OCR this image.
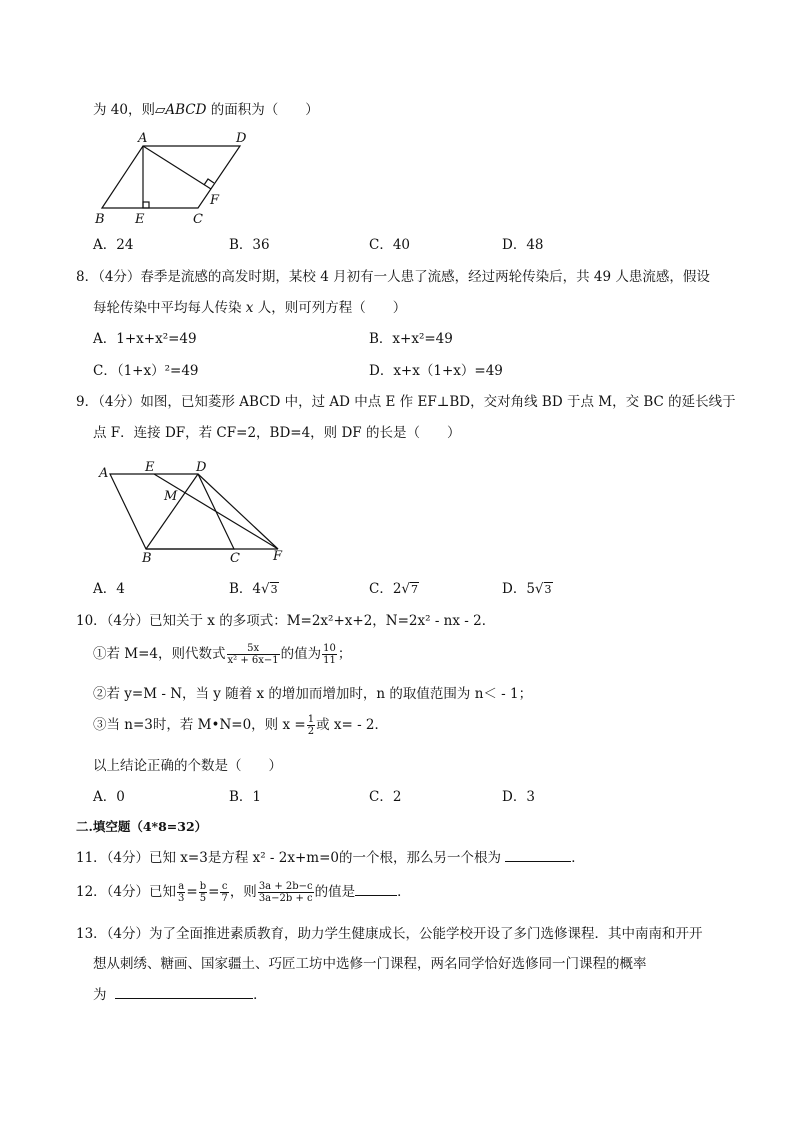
为 40，则▱ABCD 的面积为（　　）
A	D
B E	C
F
A．24	B．36	C．40	D．48
8．（4分）春季是流感的高发时期，某校 4 月初有一人患了流感，经过两轮传染后，共 49 人患流感，假设
每轮传染中平均每人传染 x 人，则可列方程（　　）
A．1+x+x²=49	B．x+x²=49
C．（1+x）²=49	D．x+x（1+x）=49
9．（4分）如图，已知菱形 ABCD 中，过 AD 中点 E 作 EF⊥BD，交对角线 BD 于点 M，交 BC 的延长线于
点 F．连接 DF，若 CF=2，BD=4，则 DF 的长是（　　）
A	E	D
M
B	C	F
A．4	B．4√3	C．2√7	D．5√3
10．（4分）已知关于 x 的多项式：M=2x²+x+2，N=2x² - nx - 2．
①若 M=4，则代数式 $\frac{5x}{\text{x² + 6x−1}}$ 的值为 $\frac{10}{11}$ ；
②若 y=M - N，当 y 随着 x 的增加而增加时，n 的取值范围为 n＜ - 1；
③当 n=3时，若 M•N=0，则 $x = \frac{1}{2}$ 或 x= - 2．
以上结论正确的个数是（　　）
A．0	B．1	C．2	D．3
二.填空题（4*8=32）
11．（4分）已知 x=3是方程 x² - 2x+m=0的一个根，那么另一个根为	．
12．（4分）已知 $\frac{a}{3} = \frac{b}{5} = \frac{c}{7}$ ，则 $\frac{3a + 2b-c}{3a-2b + c}$ 的值是	．
13．（4分）为了全面推进素质教育，助力学生健康成长，公能学校开设了多门选修课程．其中南南和开开
想从刺绣、糖画、国家疆土、巧匠工坊中选修一门课程，两名同学恰好选修同一门课程的概率
为	．
